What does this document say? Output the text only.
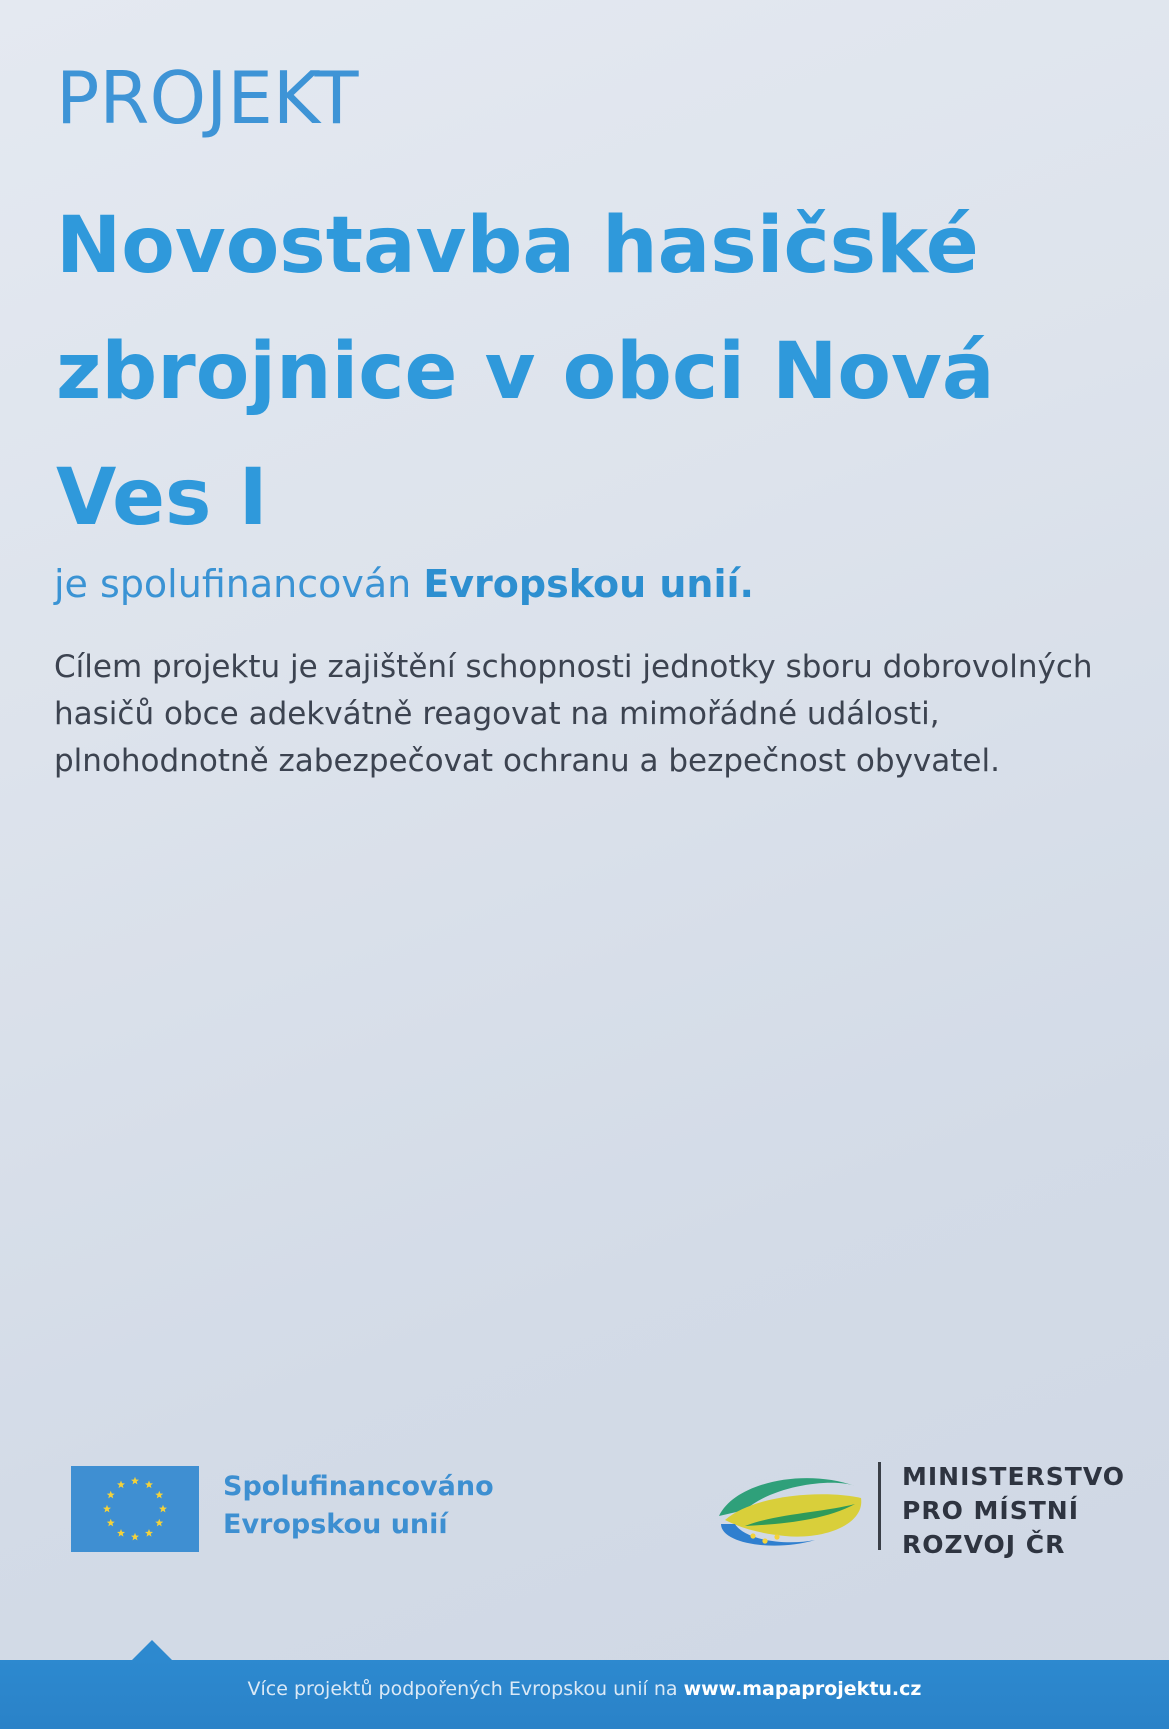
PROJEKT
Novostavba hasičské zbrojnice v obci Nová Ves I

je spolufinancován Evropskou unií.

Cílem projektu je zajištění schopnosti jednotky sboru dobrovolných hasičů obce adekvátně reagovat na mimořádné události, plnohodnotně zabezpečovat ochranu a bezpečnost obyvatel.

Spolufinancováno
Evropskou unií
MINISTERSTVO
PRO MÍSTNÍ
ROZVOJ ČR

Více projektů podpořených Evropskou unií na www.mapaprojektu.cz
